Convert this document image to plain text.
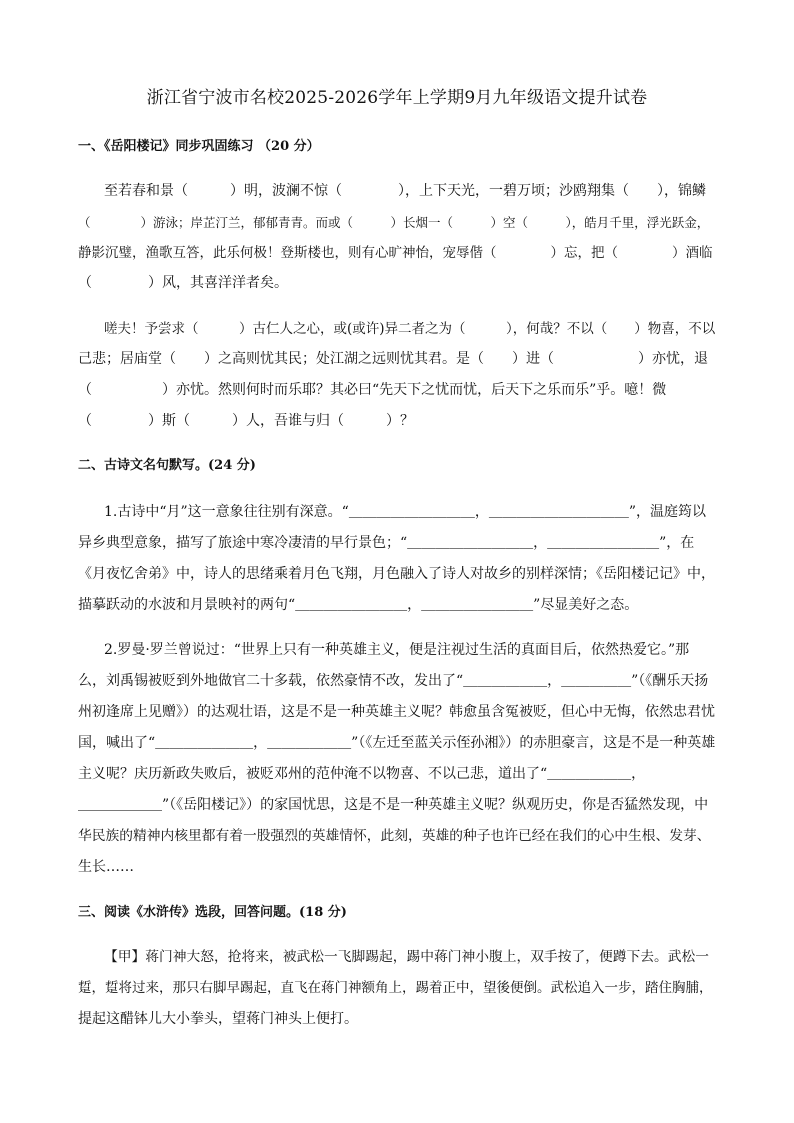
浙江省宁波市名校2025-2026学年上学期9月九年级语文提升试卷
一、《岳阳楼记》同步巩固练习 （20 分）
至若春和景（　　　）明，波澜不惊（　　　　），上下天光，一碧万顷；沙鸥翔集（　　），锦鳞
（　　　　）游泳；岸芷汀兰，郁郁青青。而或（　　　）长烟一（　　　）空（　　　），皓月千里，浮光跃金，
静影沉璧，渔歌互答，此乐何极！登斯楼也，则有心旷神怡，宠辱偕（　　　　）忘，把（　　　　）酒临
（　　　　）风，其喜洋洋者矣。
嗟夫！予尝求（　　　）古仁人之心，或(或许)异二者之为（　　　），何哉？不以（　　）物喜，不以
己悲；居庙堂（　　）之高则忧其民；处江湖之远则忧其君。是（　　）进（　　　　　　）亦忧，退
（　　　　　）亦忧。然则何时而乐耶？其必曰“先天下之忧而忧，后天下之乐而乐”乎。噫！微
（　　　　）斯（　　　）人，吾谁与归（　　　）？
二、古诗文名句默写。(24 分)
1.古诗中“月”这一意象往往别有深意。“＿＿＿＿＿＿＿＿＿，＿＿＿＿＿＿＿＿＿＿”，温庭筠以
异乡典型意象，描写了旅途中寒冷凄清的早行景色；“＿＿＿＿＿＿＿＿＿，＿＿＿＿＿＿＿＿”，在
《月夜忆舍弟》中，诗人的思绪乘着月色飞翔，月色融入了诗人对故乡的别样深情；《岳阳楼记记》中，
描摹跃动的水波和月景映衬的两句“＿＿＿＿＿＿＿＿，＿＿＿＿＿＿＿＿”尽显美好之态。
2.罗曼·罗兰曾说过：“世界上只有一种英雄主义，便是注视过生活的真面目后，依然热爱它。”那
么，刘禹锡被贬到外地做官二十多载，依然豪情不改，发出了“＿＿＿＿＿＿，＿＿＿＿＿”（《酬乐天扬
州初逢席上见赠》）的达观壮语，这是不是一种英雄主义呢？韩愈虽含冤被贬，但心中无悔，依然忠君忧
国，喊出了“＿＿＿＿＿＿＿，＿＿＿＿＿＿”（《左迁至蓝关示侄孙湘》）的赤胆豪言，这是不是一种英雄
主义呢？庆历新政失败后，被贬邓州的范仲淹不以物喜、不以己悲，道出了“＿＿＿＿＿＿，
＿＿＿＿＿＿”（《岳阳楼记》）的家国忧思，这是不是一种英雄主义呢？纵观历史，你是否猛然发现，中
华民族的精神内核里都有着一股强烈的英雄情怀，此刻，英雄的种子也许已经在我们的心中生根、发芽、
生长……
三、阅读《水浒传》选段，回答问题。(18 分)
【甲】蒋门神大怒，抢将来，被武松一飞脚踢起，踢中蒋门神小腹上，双手按了，便蹲下去。武松一
踅，踅将过来，那只右脚早踢起，直飞在蒋门神额角上，踢着正中，望後便倒。武松追入一步，踏住胸脯，
提起这醋钵儿大小拳头，望蒋门神头上便打。
